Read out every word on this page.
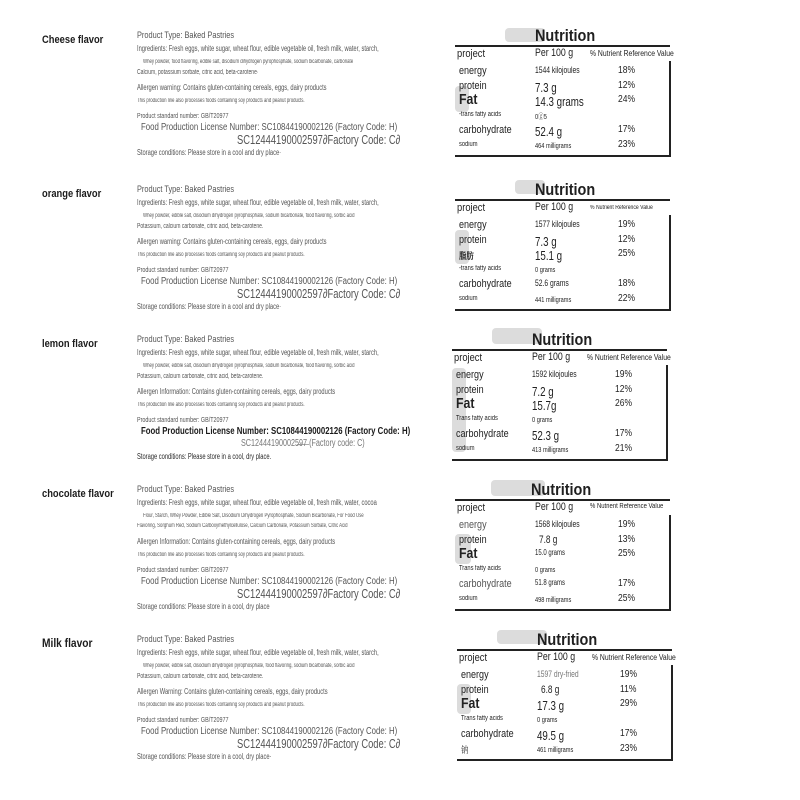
Cheese flavor	Product Type: Baked Pastries
Ingredients: Fresh eggs, white sugar, wheat flour, edible vegetable oil, fresh milk, water, starch,
Whey powder, food flavoring, edible salt, disodium dihydrogen pyrophosphate, sodium bicarbonate, carbonate
Calcium, potassium sorbate, citric acid, beta-carotene·
Allergen warning: Contains gluten-containing cereals, eggs, dairy products
This production line also processes foods containing soy products and peanut products.
Product standard number: GB/T20977
Food Production License Number: SC10844190002126 (Factory Code: H)
SC12444190002597∂Factory Code: C∂
Storage conditions: Please store in a cool and dry place·
Nutrition
project	Per 100 g % Nutrient Reference Value
energy	1544 kilojoules	18%
protein	7.3 g	12%
Fat	14.3 grams	24%
-trans fatty acids	0ⓖ5
carbohydrate 52.4 g	17%
sodium	464 milligrams	23%
orange flavor	Product Type: Baked Pastries
Ingredients: Fresh eggs, white sugar, wheat flour, edible vegetable oil, fresh milk, water, starch,
Whey powder, edible salt, disodium dihydrogen pyrophosphate, sodium bicarbonate, food flavoring, sorbic acid
Potassium, calcium carbonate, citric acid, beta-carotene.
Allergen warning: Contains gluten-containing cereals, eggs, dairy products
This production line also processes foods containing soy products and peanut products.
Product standard number: GB/T20977
Food Production License Number: SC10844190002126 (Factory Code: H)
SC12444190002597∂Factory Code: C∂
Storage conditions: Please store in a cool and dry place·
Nutrition
project	Per 100 g	% Nutrient Reference Value
energy	1577 kilojoules	19%
protein	7.3 g	12%
脂肪	15.1 g	25%
-trans fatty acids	0 grams
carbohydrate	52.6 grams	18%
sodium	441 milligrams	22%
lemon flavor	Product Type: Baked Pastries
Ingredients: Fresh eggs, white sugar, wheat flour, edible vegetable oil, fresh milk, water, starch,
Whey powder, edible salt, disodium dihydrogen pyrophosphate, sodium bicarbonate, food flavoring, sorbic acid
Potassium, calcium carbonate, citric acid, beta-carotene.
Allergen Information: Contains gluten-containing cereals, eggs, dairy products
This production line also processes foods containing soy products and peanut products.
Product standard number: GB/T20977
Food Production License Number: SC10844190002126 (Factory Code: H)
SC124441900025̶9̶7̶ (Factory code: C)
Storage conditions: Please store in a cool, dry place.
Nutrition
project	Per 100 g % Nutrient Reference Value
energy	1592 kilojoules	19%
protein	7.2 g	12%
Fat	15.7g	26%
Trans fatty acids	0 grams
carbohydrate 52.3 g	17%
sodium	413 milligrams	21%
chocolate flavor	Product Type: Baked Pastries
Ingredients: Fresh eggs, white sugar, wheat flour, edible vegetable oil, fresh milk, water, cocoa
Flour, Starch, Whey Powder, Edible Salt, Disodium Dihydrogen Pyrophosphate, Sodium Bicarbonate, For Food Use
Flavoring, Sorghum Red, Sodium Carboxymethylcellulose, Calcium Carbonate, Potassium Sorbate, Citric Acid
Allergen Information: Contains gluten-containing cereals, eggs, dairy products
This production line also processes foods containing soy products and peanut products.
Product standard number: GB/T20977
Food Production License Number: SC10844190002126 (Factory Code: H)
SC12444190002597∂Factory Code: C∂
Storage conditions: Please store in a cool, dry place
Nutrition
project	Per 100 g % Nutrient Reference Value
energy	1568 kilojoules	19%
protein	7.8 g	13%
Fat	15.0 grams	25%
Trans fatty acids	0 grams
carbohydrate	51.8 grams	17%
sodium	498 milligrams	25%
Milk flavor	Product Type: Baked Pastries
Ingredients: Fresh eggs, white sugar, wheat flour, edible vegetable oil, fresh milk, water, starch,
Whey powder, edible salt, disodium dihydrogen pyrophosphate, food flavoring, sodium bicarbonate, sorbic acid
Potassium, calcium carbonate, citric acid, beta-carotene.
Allergen Warning: Contains gluten-containing cereals, eggs, dairy products
This production line also processes foods containing soy products and peanut products.
Product standard number: GB/T20977
Food Production License Number: SC10844190002126 (Factory Code: H)
SC12444190002597∂Factory Code: C∂
Storage conditions: Please store in a cool, dry place·
Nutrition
project	Per 100 g % Nutrient Reference Value
energy	1597 dry-fried	19%
protein	6.8 g	11%
Fat	17.3 g	29%
Trans fatty acids	0 grams
carbohydrate 49.5 g	17%
钠	461 milligrams	23%
